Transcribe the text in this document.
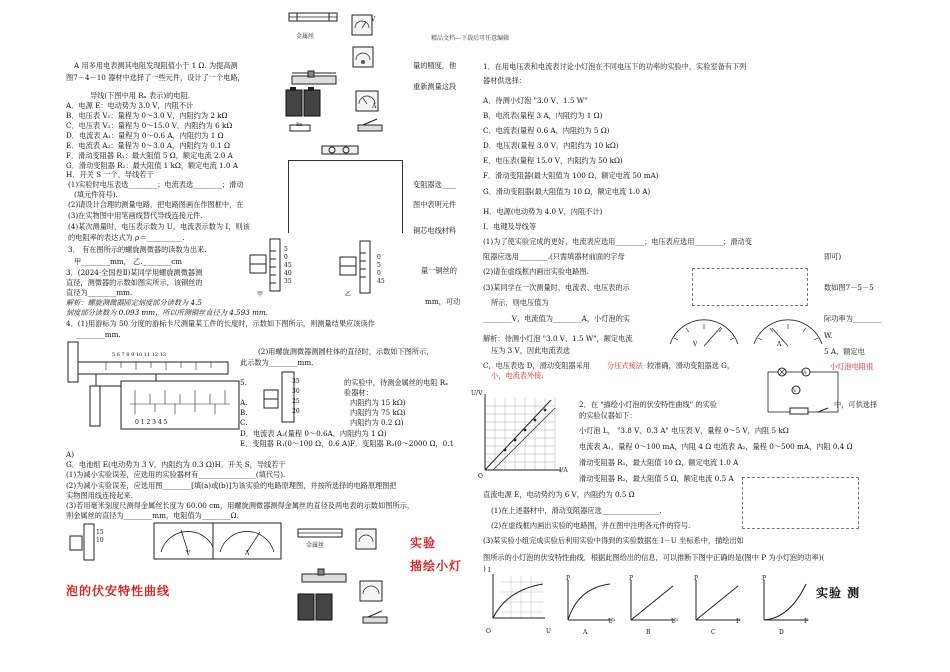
精品文档---下载后可任意编辑
A 用多用电表测其电阻发现阻值小于 1 Ω. 为提高测	量的精度，他
图7－4－10 器材中选择了一些元件，设计了一个电路，
重新测量这段
导线(下图中用 Rₓ 表示)的电阻.
A．电源 E：电动势为 3.0 V，内阻不计
B．电压表 V₁：量程为 0～3.0 V，内阻约为 2 kΩ
C．电压表 V₂：量程为 0～15.0 V，内阻约为 6 kΩ
D．电流表 A₁：量程为 0～0.6 A，内阻约为 1 Ω
E．电流表 A₂：量程为 0～3.0 A，内阻约为 0.1 Ω
F．滑动变阻器 R₁：最大阻值 5 Ω，额定电流 2.0 A
G．滑动变阻器 R₂：最大阻值 1 kΩ，额定电流 1.0 A
H．开关 S 一个，导线若干
(1)实验时电压表选________；电流表选________；滑动	变阻器选____
(填元件符号).
(2)请设计合理的测量电路，把电路图画在作图框中，在	图中表明元件
(3)在实物图中用笔画线替代导线连接元件.
(4)某次测量时，电压表示数为 U，电流表示数为 I，则该	铜芯电线材料
的电阻率的表达式为 ρ＝__________.
3． 有在图所示的螺旋测微器的读数为出来.
甲________mm， 乙.________cm
3．(2024·全国卷Ⅱ)某同学用螺旋测微器测	量一铜丝的
直径，测微器的示数如图实所示，该铜丝的
直径为________mm.
mm，可动
解析：螺旋测微器固定刻度部分读数为 4.5
刻度部分读数为 0.093 mm，所以所测铜丝直径为 4.593 mm.
4．(1)用游标为 50 分度的游标卡尺测量某工件的长度时，示数如下图所示，则测量结果应该读作
________mm.
(2)用螺旋测微器测圆柱体的直径时，示数如下图所示，
此示数为________mm.
5.	的实验中，待测金属丝的电阻 Rₓ
验器材：
A.	内阻约为 15 kΩ)
B.	内阻约为 75 kΩ)
C.	内阻约为 0.2 Ω)
D．电流表 A₂(量程 0～0.6A，内阻约为 1 Ω)
E．变阻器 R₁(0～100 Ω，0.6 A)F．变阻器 R₂(0～2000 Ω，0.1
A)
G．电池组 E(电动势为 3 V，内阻约为 0.3 Ω)H．开关 S，导线若干
(1)为减小实验误差，应选用的实验器材有________________(填代号).
(2)为减小实验误差，应选用图________[填(a)或(b)]为该实验的电路原理图，并按所选择的电路原理图把
实物图用线连接起来.
(3)若用毫米刻度尺测得金属丝长度为 60.00 cm，用螺旋测微器测得金属丝的直径及两电表的示数如图所示，
则金属丝的直径为________mm，电阻值为________Ω.
实验
描绘小灯
泡的伏安特性曲线
金属丝
V
A
Rx
5
0
45
40
35
甲
0
5
0
45
乙
5 6 7 8 9 10 11 12 13
0 1 2 3 4 5
35
30
25
20
15
10
V	A
金属丝
1．在用电压表和电流表讨论小灯泡在不同电压下的功率的实验中，实验室备有下列
器材供选择：
A．待测小灯泡 "3.0 V、1.5 W"
B．电流表(量程 3 A，内阻约为 1 Ω)
C．电流表(量程 0.6 A，内阻约为 5 Ω)
D．电压表(量程 3.0 V，内阻约为 10 kΩ)
E．电压表(量程 15.0 V，内阻约为 50 kΩ)
F．滑动变阻器(最大阻值为 100 Ω，额定电流 50 mA)
G．滑动变阻器(最大阻值为 10 Ω，额定电流 1.0 A)
H．电源(电动势为 4.0 V，内阻不计)
I．电键及导线等
(1)为了使实验完成的更好，电流表应选用________；电压表应选用________；滑动变
阻器应选用________.(只需填器材前面的字母	即可)
(2)请在虚线框内画出实验电路图.
(3)某同学在一次测量时，电流表、电压表的示	数如图7－5－5
所示．则电压值为
________V，电流值为________A，小灯泡的实	际功率为________
W.
解析：待测小灯泡 "3.0 V、1.5 W"，额定电流
5 A，额定电
压为 3 V，因此电流表选
C，电压表选 D，滑动变阻器采用 分压式接法 较准确，滑动变阻器选 G，	小灯泡电阻很
小，电流表外接.
2．在 "描绘小灯泡的伏安特性曲线" 的实验	中，可供选择
的实验仪器如下：
小灯泡 L， "3.8 V、0.3 A" 电压表 V，量程 0～5 V，内阻 5 kΩ
电流表 A₁，量程 0～100 mA，内阻 4 Ω 电流表 A₂，量程 0～500 mA，内阻 0.4 Ω
滑动变阻器 R₁，最大阻值 10 Ω，额定电流 1.0 A
滑动变阻器 R₂，最大阻值 5 Ω，额定电流 0.5 A
直流电源 E，电动势约为 6 V，内阻约为 0.5 Ω
(1)在上述器材中，滑动变阻器应选________________.
(2)在虚线框内画出实验的电路图，并在图中注明各元件的符号.
(3)某实验小组完成实验后利用实验中得到的实验数据在 I－U 坐标系中，描绘出如
图所示的小灯泡的伏安特性曲线．根据此图给出的信息，可以推断下图中正确的是(图中 P 为小灯泡的功率)(
)
实验 测
V	A
A
V
U/V
I/A
O
I
U
O	A
P
U²
B
P
U²
C
P
I²
D
P
I²
